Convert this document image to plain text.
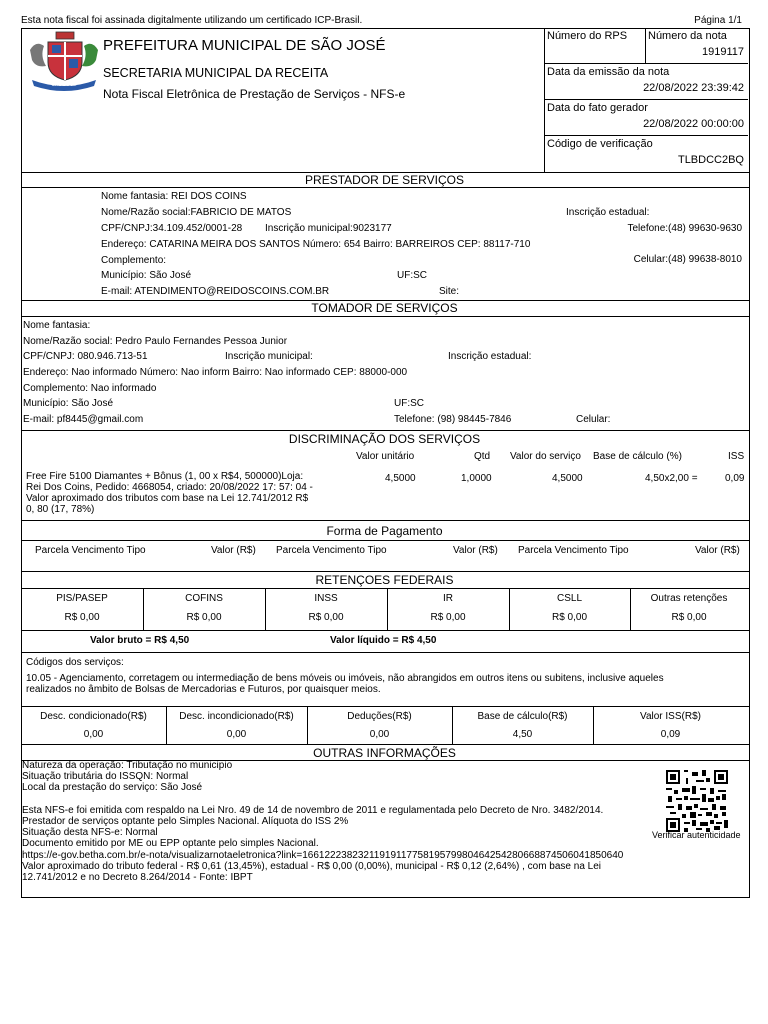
Esta nota fiscal foi assinada digitalmente utilizando um certificado ICP-Brasil.	Página 1/1
SÃO JOSÉ
PREFEITURA MUNICIPAL DE SÃO JOSÉ
SECRETARIA MUNICIPAL DA RECEITA
Nota Fiscal Eletrônica de Prestação de Serviços - NFS-e
Número do RPS Número da nota
1919117
Data da emissão da nota
22/08/2022 23:39:42
Data do fato gerador
22/08/2022 00:00:00
Código de verificação
TLBDCC2BQ
PRESTADOR DE SERVIÇOS
Nome fantasia: REI DOS COINS
Nome/Razão social:FABRICIO DE MATOS	Inscrição estadual:
CPF/CNPJ:34.109.452/0001-28 Inscrição municipal:9023177	Telefone:(48) 99630-9630
Endereço: CATARINA MEIRA DOS SANTOS Número: 654 Bairro: BARREIROS CEP: 88117-710
Complemento:	Celular:(48) 99638-8010
Município: São José	UF:SC
E-mail: ATENDIMENTO@REIDOSCOINS.COM.BR	Site:
TOMADOR DE SERVIÇOS
Nome fantasia:
Nome/Razão social: Pedro Paulo Fernandes Pessoa Junior
CPF/CNPJ: 080.946.713-51	Inscrição municipal:	Inscrição estadual:
Endereço: Nao informado Número: Nao inform Bairro: Nao informado CEP: 88000-000
Complemento: Nao informado
Município: São José	UF:SC
E-mail: pf8445@gmail.com	Telefone: (98) 98445-7846	Celular:
DISCRIMINAÇÃO DOS SERVIÇOS
Valor unitário	Qtd Valor do serviço Base de cálculo (%)	ISS
Free Fire 5100 Diamantes + Bônus (1, 00 x R$4, 500000)Loja:
Rei Dos Coins, Pedido: 4668054, criado: 20/08/2022 17: 57: 04 -
Valor aproximado dos tributos com base na Lei 12.741/2012 R$
0, 80 (17, 78%)
4,5000	1,0000	4,5000	4,50x2,00 =	0,09
Forma de Pagamento
Parcela Vencimento Tipo	Valor (R$) Parcela Vencimento Tipo	Valor (R$) Parcela Vencimento Tipo	Valor (R$)
RETENÇOES FEDERAIS
PIS/PASEP
R$ 0,00
COFINS
R$ 0,00
INSS
R$ 0,00
IR
R$ 0,00
CSLL
R$ 0,00
Outras retenções
R$ 0,00
Valor bruto = R$ 4,50	Valor líquido = R$ 4,50
Códigos dos serviços:
10.05 - Agenciamento, corretagem ou intermediação de bens móveis ou imóveis, não abrangidos em outros itens ou subitens, inclusive aqueles
realizados no âmbito de Bolsas de Mercadorias e Futuros, por quaisquer meios.
Desc. condicionado(R$)
0,00
Desc. incondicionado(R$)
0,00
Deduções(R$)
0,00
Base de cálculo(R$)
4,50
Valor ISS(R$)
0,09
OUTRAS INFORMAÇÕES
Natureza da operação: Tributação no municipio
Situação tributária do ISSQN: Normal
Local da prestação do serviço: São José
Esta NFS-e foi emitida com respaldo na Lei Nro. 49 de 14 de novembro de 2011 e regulamentada pelo Decreto de Nro. 3482/2014.
Prestador de serviços optante pelo Simples Nacional. Alíquota do ISS 2%
Situação desta NFS-e: Normal
Documento emitido por ME ou EPP optante pelo simples Nacional.
https://e-gov.betha.com.br/e-nota/visualizarnotaeletronica?link=16612223823211919117758195799804642542806688745060418506​40
Valor aproximado do tributo federal - R$ 0,61 (13,45%), estadual - R$ 0,00 (0,00%), municipal - R$ 0,12 (2,64%) , com base na Lei
12.741/2012 e no Decreto 8.264/2014 - Fonte: IBPT
Verificar autenticidade
